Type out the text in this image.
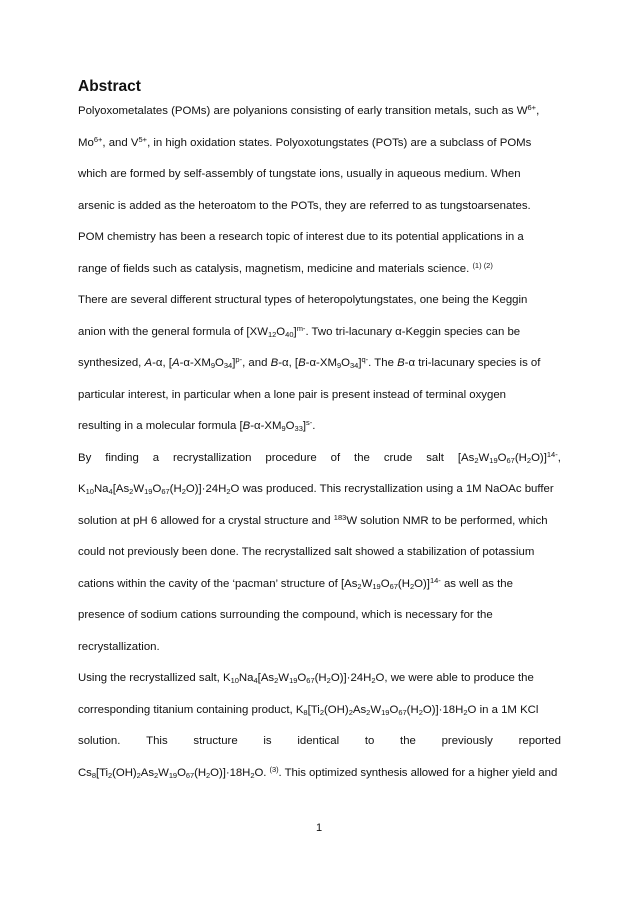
Abstract
Polyoxometalates (POMs) are polyanions consisting of early transition metals, such as $W^{6+}$,
$Mo^{6+}$, and $V^{5+}$, in high oxidation states. Polyoxotungstates (POTs) are a subclass of POMs
which are formed by self-assembly of tungstate ions, usually in aqueous medium. When
arsenic is added as the heteroatom to the POTs, they are referred to as tungstoarsenates.
POM chemistry has been a research topic of interest due to its potential applications in a
range of fields such as catalysis, magnetism, medicine and materials science. $^{(1) (2)}$
There are several different structural types of heteropolytungstates, one being the Keggin
anion with the general formula of $[XW_{12}O_{40}]^{m-}$. Two tri-lacunary α-Keggin species can be
synthesized, A-α, $[A-\alpha-XM_9O_{34}]^{p-}$, and B-α, $[B-\alpha-XM_9O_{34}]^{q-}$. The B-α tri-lacunary species is of
particular interest, in particular when a lone pair is present instead of terminal oxygen
resulting in a molecular formula $[B-\alpha-XM_9O_{33}]^{s-}$.
By finding a recrystallization procedure of the crude salt $[As_2W_{19}O_{67}(H_2O)]^{14-}$,
$K_{10}Na_4[As_2W_{19}O_{67}(H_2O)]\cdot 24H_2O$ was produced. This recrystallization using a 1M NaOAc buffer
solution at pH 6 allowed for a crystal structure and $^{183}$W solution NMR to be performed, which
could not previously been done. The recrystallized salt showed a stabilization of potassium
cations within the cavity of the ‘pacman’ structure of $[As_2W_{19}O_{67}(H_2O)]^{14-}$ as well as the
presence of sodium cations surrounding the compound, which is necessary for the
recrystallization.
Using the recrystallized salt, $K_{10}Na_4[As_2W_{19}O_{67}(H_2O)]\cdot 24H_2O$, we were able to produce the
corresponding titanium containing product, $K_8[Ti_2(OH)_2As_2W_{19}O_{67}(H_2O)]\cdot 18H_2O$ in a 1M KCl
solution. This structure is identical to the previously reported
$Cs_8[Ti_2(OH)_2As_2W_{19}O_{67}(H_2O)]\cdot 18H_2O$. $^{(3)}$. This optimized synthesis allowed for a higher yield and
1
